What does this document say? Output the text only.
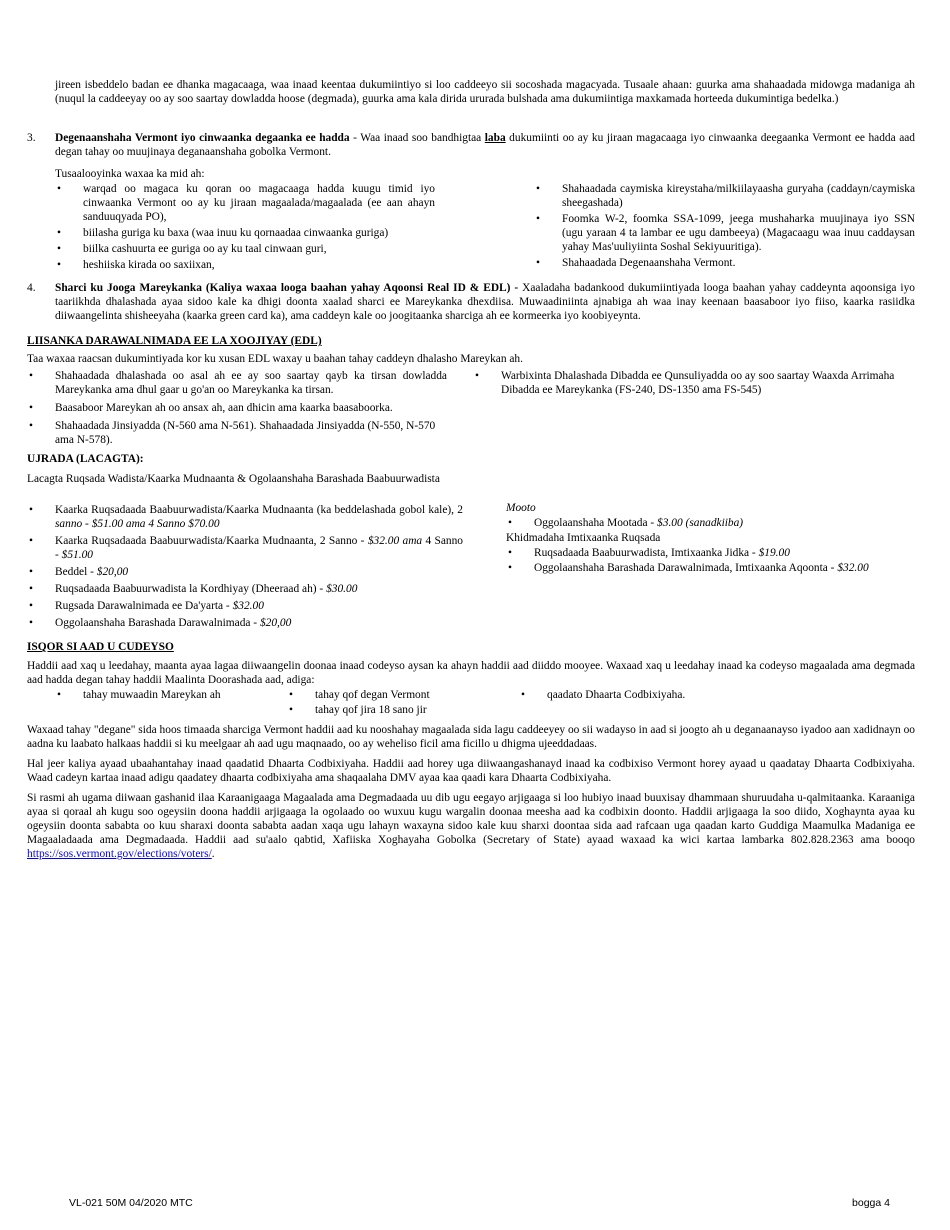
jireen isbeddelo badan ee dhanka magacaaga, waa inaad keentaa dukumiintiyo si loo caddeeyo sii socoshada magacyada. Tusaale ahaan: guurka ama shahaadada midowga madaniga ah (nuqul la caddeeyay oo ay soo saartay dowladda hoose (degmada), guurka ama kala dirida ururada bulshada ama dukumiintiga maxkamada horteeda dukumintiga bedelka.)

3. Degenaanshaha Vermont iyo cinwaanka degaanka ee hadda - Waa inaad soo bandhigtaa laba dukumiinti oo ay ku jiraan magacaaga iyo cinwaanka deegaanka Vermont ee hadda aad degan tahay oo muujinaya deganaanshaha gobolka Vermont.

Tusaalooyinka waxaa ka mid ah:

• warqad oo magaca ku qoran oo magacaaga hadda kuugu timid iyo cinwaanka Vermont oo ay ku jiraan magaalada/magaalada (ee aan ahayn sanduuqyada PO),
• biilasha guriga ku baxa (waa inuu ku qornaadaa cinwaanka guriga)
• biilka cashuurta ee guriga oo ay ku taal cinwaan guri,
• heshiiska kirada oo saxiixan,
• Shahaadada caymiska kireystaha/milkiilayaasha guryaha (caddayn/caymiska sheegashada)
• Foomka W-2, foomka SSA-1099, jeega mushaharka muujinaya iyo SSN (ugu yaraan 4 ta lambar ee ugu dambeeya) (Magacaagu waa inuu caddaysan yahay Mas'uuliyiinta Soshal Sekiyuuritiga).
• Shahaadada Degenaanshaha Vermont.
4. Sharci ku Jooga Mareykanka (Kaliya waxaa looga baahan yahay Aqoonsi Real ID & EDL) - Xaaladaha badankood dukumiintiyada looga baahan yahay caddeynta aqoonsiga iyo taariikhda dhalashada ayaa sidoo kale ka dhigi doonta xaalad sharci ee Mareykanka dhexdiisa. Muwaadiniinta ajnabiga ah waa inay keenaan baasaboor iyo fiiso, kaarka rasiidka diiwaangelinta shisheeyaha (kaarka green card ka), ama caddeyn kale oo joogitaanka sharciga ah ee kormeerka iyo koobiyeynta.

LIISANKA DARAWALNIMADA EE LA XOOJIYAY (EDL)

Taa waxaa raacsan dukumintiyada kor ku xusan EDL waxay u baahan tahay caddeyn dhalasho Mareykan ah.

• Shahaadada dhalashada oo asal ah ee ay soo saartay qayb ka tirsan dowladda Mareykanka ama dhul gaar u go'an oo Mareykanka ka tirsan.
• Baasaboor Mareykan ah oo ansax ah, aan dhicin ama kaarka baasaboorka.
• Shahaadada Jinsiyadda (N-560 ama N-561). Shahaadada Jinsiyadda (N-550, N-570 ama N-578).
• Warbixinta Dhalashada Dibadda ee Qunsuliyadda oo ay soo saartay Waaxda Arrimaha Dibadda ee Mareykanka (FS-240, DS-1350 ama FS-545)

UJRADA (LACAGTA):

Lacagta Ruqsada Wadista/Kaarka Mudnaanta & Ogolaanshaha Barashada Baabuurwadista

• Kaarka Ruqsadaada Baabuurwadista/Kaarka Mudnaanta (ka beddelashada gobol kale), 2 sanno - $51.00 ama 4 Sanno $70.00
• Kaarka Ruqsadaada Baabuurwadista/Kaarka Mudnaanta, 2 Sanno - $32.00 ama 4 Sanno - $51.00
• Beddel - $20,00
• Ruqsadaada Baabuurwadista la Kordhiyay (Dheeraad ah) - $30.00
• Rugsada Darawalnimada ee Da'yarta - $32.00
• Oggolaanshaha Barashada Darawalnimada - $20,00

Mooto

• Oggolaanshaha Mootada - $3.00 (sanadkiiba)

Khidmadaha Imtixaanka Ruqsada

• Ruqsadaada Baabuurwadista, Imtixaanka Jidka - $19.00
• Oggolaanshaha Barashada Darawalnimada, Imtixaanka Aqoonta - $32.00

ISQOR SI AAD U CUDEYSO

Haddii aad xaq u leedahay, maanta ayaa lagaa diiwaangelin doonaa inaad codeyso aysan ka ahayn haddii aad diiddo mooyee. Waxaad xaq u leedahay inaad ka codeyso magaalada ama degmada aad hadda degan tahay haddii Maalinta Doorashada aad, adiga:

• tahay muwaadin Mareykan ah
•	tahay qof degan Vermont
• tahay qof jira 18 sano jir
• qaadato Dhaarta Codbixiyaha.

Waxaad tahay "degane" sida hoos timaada sharciga Vermont haddii aad ku nooshahay magaalada sida lagu caddeeyey oo sii wadayso in aad si joogto ah u deganaanayso iyadoo aan xadidnayn oo aadna ku laabato halkaas haddii si ku meelgaar ah aad ugu maqnaado, oo ay weheliso ficil ama ficillo u dhigma ujeeddadaas.

Hal jeer kaliya ayaad ubaahantahay inaad qaadatid Dhaarta Codbixiyaha. Haddii aad horey uga diiwaangashanayd inaad ka codbixiso Vermont horey ayaad u qaadatay Dhaarta Codbixiyaha. Waad cadeyn kartaa inaad adigu qaadatey dhaarta codbixiyaha ama shaqaalaha DMV ayaa kaa qaadi kara Dhaarta Codbixiyaha.

Si rasmi ah ugama diiwaan gashanid ilaa Karaanigaaga Magaalada ama Degmadaada uu dib ugu eegayo arjigaaga si loo hubiyo inaad buuxisay dhammaan shuruudaha u-qalmitaanka. Karaaniga ayaa si qoraal ah kugu soo ogeysiin doona haddii arjigaaga la ogolaado oo wuxuu kugu wargalin doonaa meesha aad ka codbixin doonto. Haddii arjigaaga la soo diido, Xoghaynta ayaa ku ogeysiin doonta sababta oo kuu sharaxi doonta sababta aadan xaqa ugu lahayn waxayna sidoo kale kuu sharxi doontaa sida aad rafcaan uga qaadan karto Guddiga Maamulka Madaniga ee Magaaladaada ama Degmadaada. Haddii aad su'aalo qabtid, Xafiiska Xoghayaha Gobolka (Secretary of State) ayaad waxaad ka wici kartaa lambarka 802.828.2363 ama booqo https://sos.vermont.gov/elections/voters/.

VL-021 50M 04/2020 MTC	bogga 4
